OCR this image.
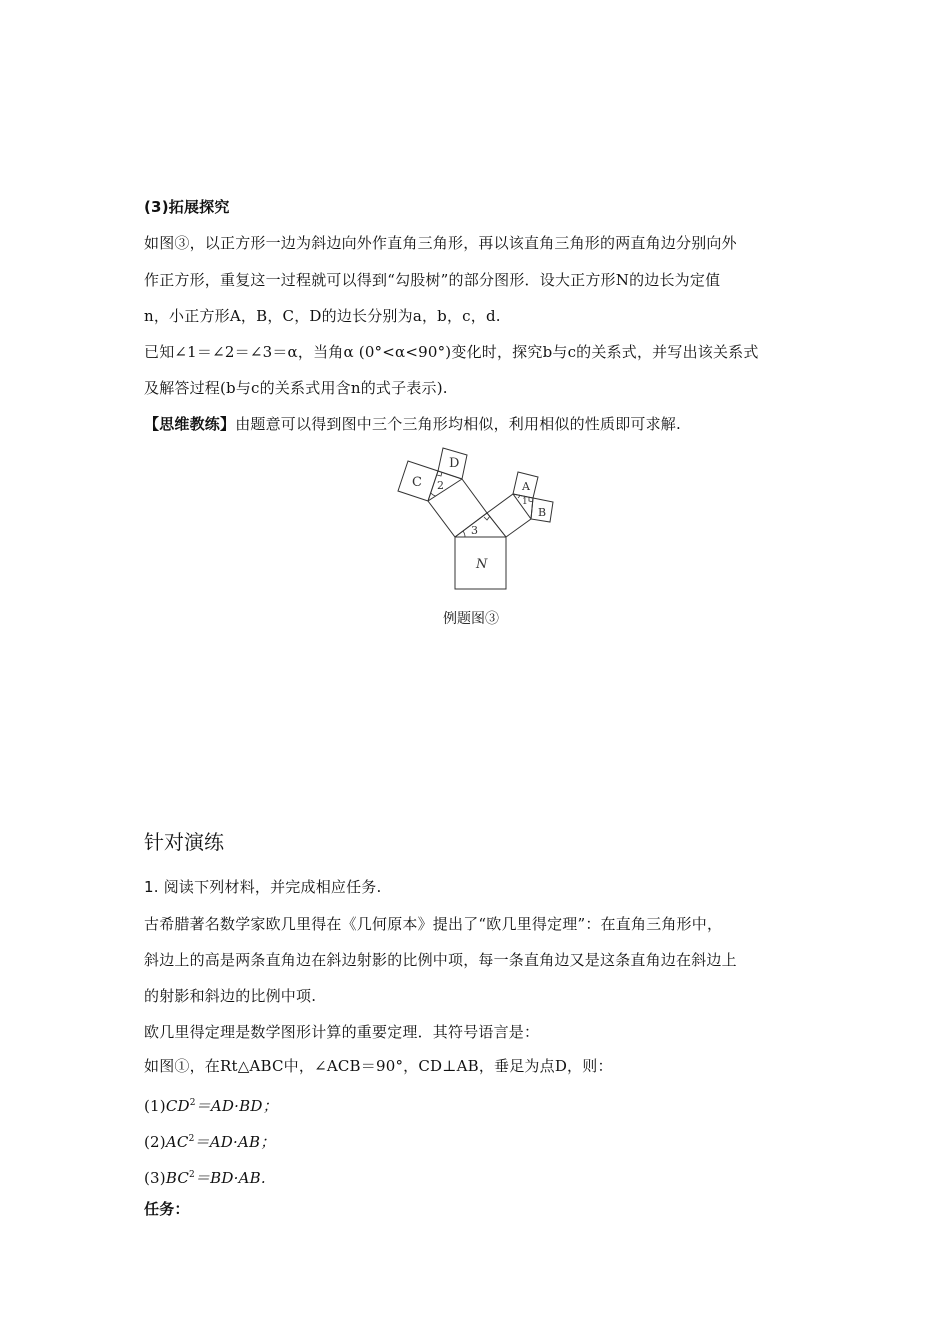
(3)拓展探究
如图③，以正方形一边为斜边向外作直角三角形，再以该直角三角形的两直角边分别向外
作正方形，重复这一过程就可以得到“勾股树”的部分图形．设大正方形N的边长为定值
n，小正方形A，B，C，D的边长分别为a，b，c，d.
已知∠1＝∠2＝∠3＝α，当角α (0°<α<90°)变化时，探究b与c的关系式，并写出该关系式
及解答过程(b与c的关系式用含n的式子表示).
【思维教练】由题意可以得到图中三个三角形均相似，利用相似的性质即可求解.
N
C
D
A
B
2
3
1
例题图③
针对演练
1. 阅读下列材料，并完成相应任务.
古希腊著名数学家欧几里得在《几何原本》提出了“欧几里得定理”：在直角三角形中，
斜边上的高是两条直角边在斜边射影的比例中项，每一条直角边又是这条直角边在斜边上
的射影和斜边的比例中项.
欧几里得定理是数学图形计算的重要定理．其符号语言是：
如图①，在Rt△ABC中，∠ACB＝90°，CD⊥AB，垂足为点D，则：
$(1)CD^2=AD\cdot BD$；
$(2)AC^2=AD\cdot AB$；
$(3)BC^2=BD\cdot AB$.
任务：
